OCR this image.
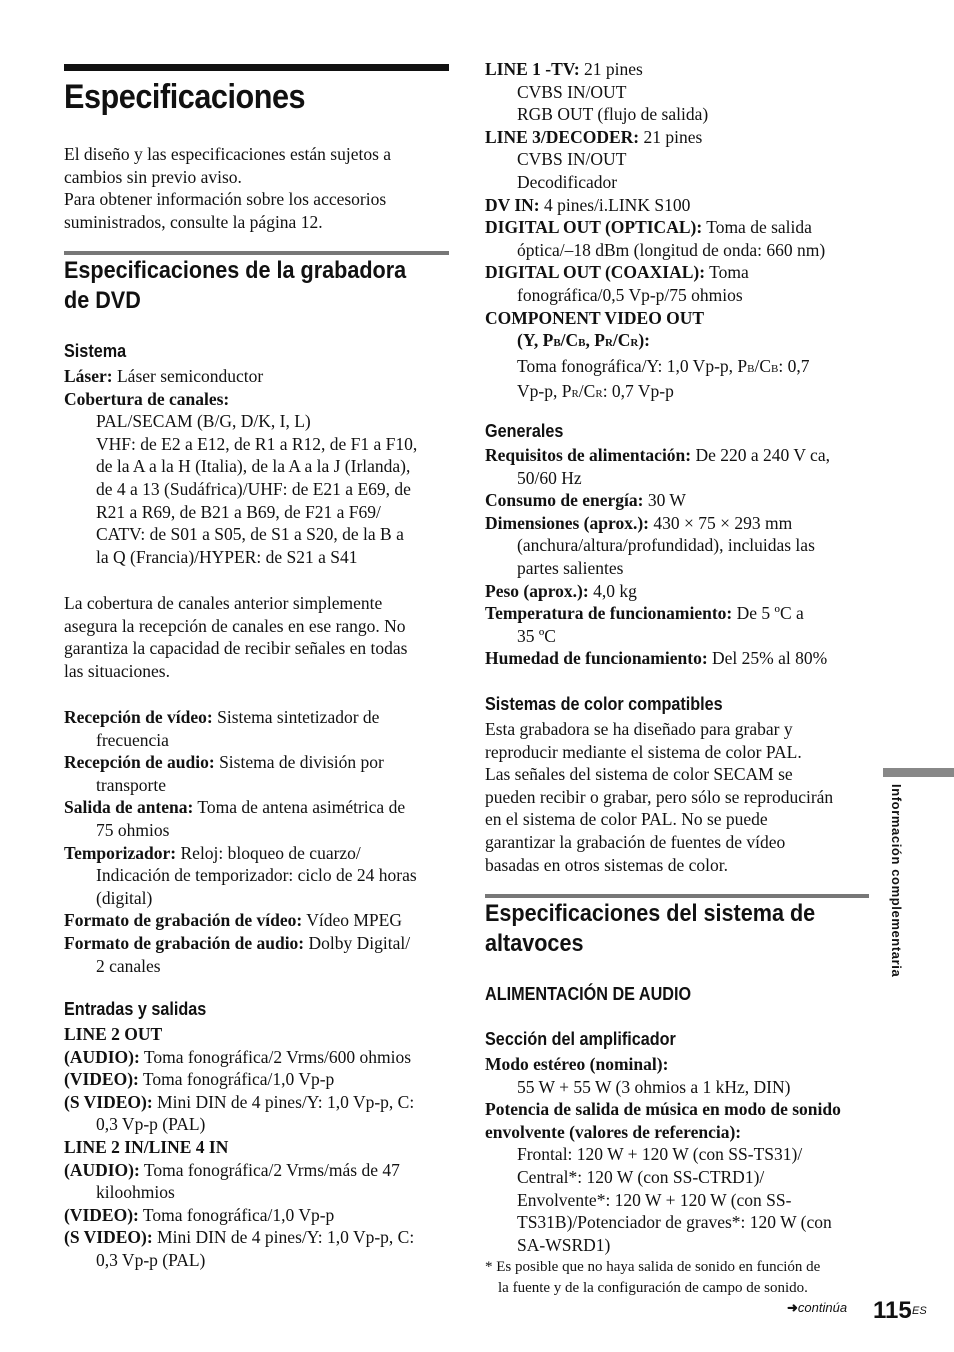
Especificaciones
El diseño y las especificaciones están sujetos a
cambios sin previo aviso.
Para obtener información sobre los accesorios
suministrados, consulte la página 12.
Especificaciones de la grabadora
de DVD
Sistema
Láser: Láser semiconductor
Cobertura de canales:
PAL/SECAM (B/G, D/K, I, L)
VHF: de E2 a E12, de R1 a R12, de F1 a F10,
de la A a la H (Italia), de la A a la J (Irlanda),
de 4 a 13 (Sudáfrica)/UHF: de E21 a E69, de
R21 a R69, de B21 a B69, de F21 a F69/
CATV: de S01 a S05, de S1 a S20, de la B a
la Q (Francia)/HYPER: de S21 a S41
La cobertura de canales anterior simplemente
asegura la recepción de canales en ese rango. No
garantiza la capacidad de recibir señales en todas
las situaciones.
Recepción de vídeo: Sistema sintetizador de
frecuencia
Recepción de audio: Sistema de división por
transporte
Salida de antena: Toma de antena asimétrica de
75 ohmios
Temporizador: Reloj: bloqueo de cuarzo/
Indicación de temporizador: ciclo de 24 horas
(digital)
Formato de grabación de vídeo: Vídeo MPEG
Formato de grabación de audio: Dolby Digital/
2 canales
Entradas y salidas
LINE 2 OUT
(AUDIO): Toma fonográfica/2 Vrms/600 ohmios
(VIDEO): Toma fonográfica/1,0 Vp-p
(S VIDEO): Mini DIN de 4 pines/Y: 1,0 Vp-p, C:
0,3 Vp-p (PAL)
LINE 2 IN/LINE 4 IN
(AUDIO): Toma fonográfica/2 Vrms/más de 47
kiloohmios
(VIDEO): Toma fonográfica/1,0 Vp-p
(S VIDEO): Mini DIN de 4 pines/Y: 1,0 Vp-p, C:
0,3 Vp-p (PAL)
LINE 1 -TV: 21 pines
CVBS IN/OUT
RGB OUT (flujo de salida)
LINE 3/DECODER: 21 pines
CVBS IN/OUT
Decodificador
DV IN: 4 pines/i.LINK S100
DIGITAL OUT (OPTICAL): Toma de salida
óptica/–18 dBm (longitud de onda: 660 nm)
DIGITAL OUT (COAXIAL): Toma
fonográfica/0,5 Vp-p/75 ohmios
COMPONENT VIDEO OUT
(Y, PB/CB, PR/CR):
Toma fonográfica/Y: 1,0 Vp-p, PB/CB: 0,7
Vp-p, PR/CR: 0,7 Vp-p
Generales
Requisitos de alimentación: De 220 a 240 V ca,
50/60 Hz
Consumo de energía: 30 W
Dimensiones (aprox.): 430 × 75 × 293 mm
(anchura/altura/profundidad), incluidas las
partes salientes
Peso (aprox.): 4,0 kg
Temperatura de funcionamiento: De 5 ºC a
35 ºC
Humedad de funcionamiento: Del 25% al 80%
Sistemas de color compatibles
Esta grabadora se ha diseñado para grabar y
reproducir mediante el sistema de color PAL.
Las señales del sistema de color SECAM se
pueden recibir o grabar, pero sólo se reproducirán
en el sistema de color PAL. No se puede
garantizar la grabación de fuentes de vídeo
basadas en otros sistemas de color.
Especificaciones del sistema de
altavoces
ALIMENTACIÓN DE AUDIO
Sección del amplificador
Modo estéreo (nominal):
55 W + 55 W (3 ohmios a 1 kHz, DIN)
Potencia de salida de música en modo de sonido
envolvente (valores de referencia):
Frontal: 120 W + 120 W (con SS-TS31)/
Central*: 120 W (con SS-CTRD1)/
Envolvente*: 120 W + 120 W (con SS-
TS31B)/Potenciador de graves*: 120 W (con
SA-WSRD1)
* Es posible que no haya salida de sonido en función de
la fuente y de la configuración de campo de sonido.
Información complementaria
➜continúa 115 ES
